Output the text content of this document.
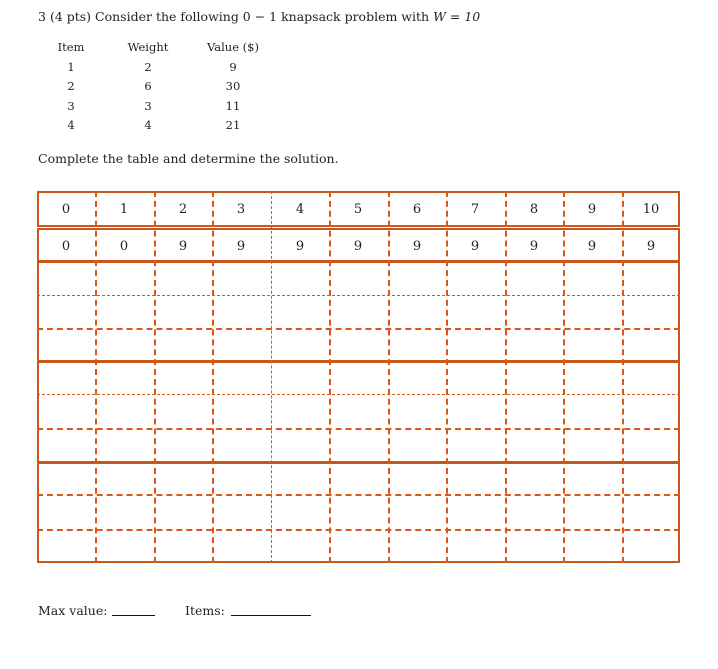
3 (4 pts) Consider the following 0 − 1 knapsack problem with W = 10
Item	Weight	Value ($)
1	2	9
2	6	30
3	3	11
4	4	21
Complete the table and determine the solution.
0	1	2	3	4	5	6	7	8	9	10
0	0	9	9	9	9	9	9	9	9	9
Max value:	Items:
